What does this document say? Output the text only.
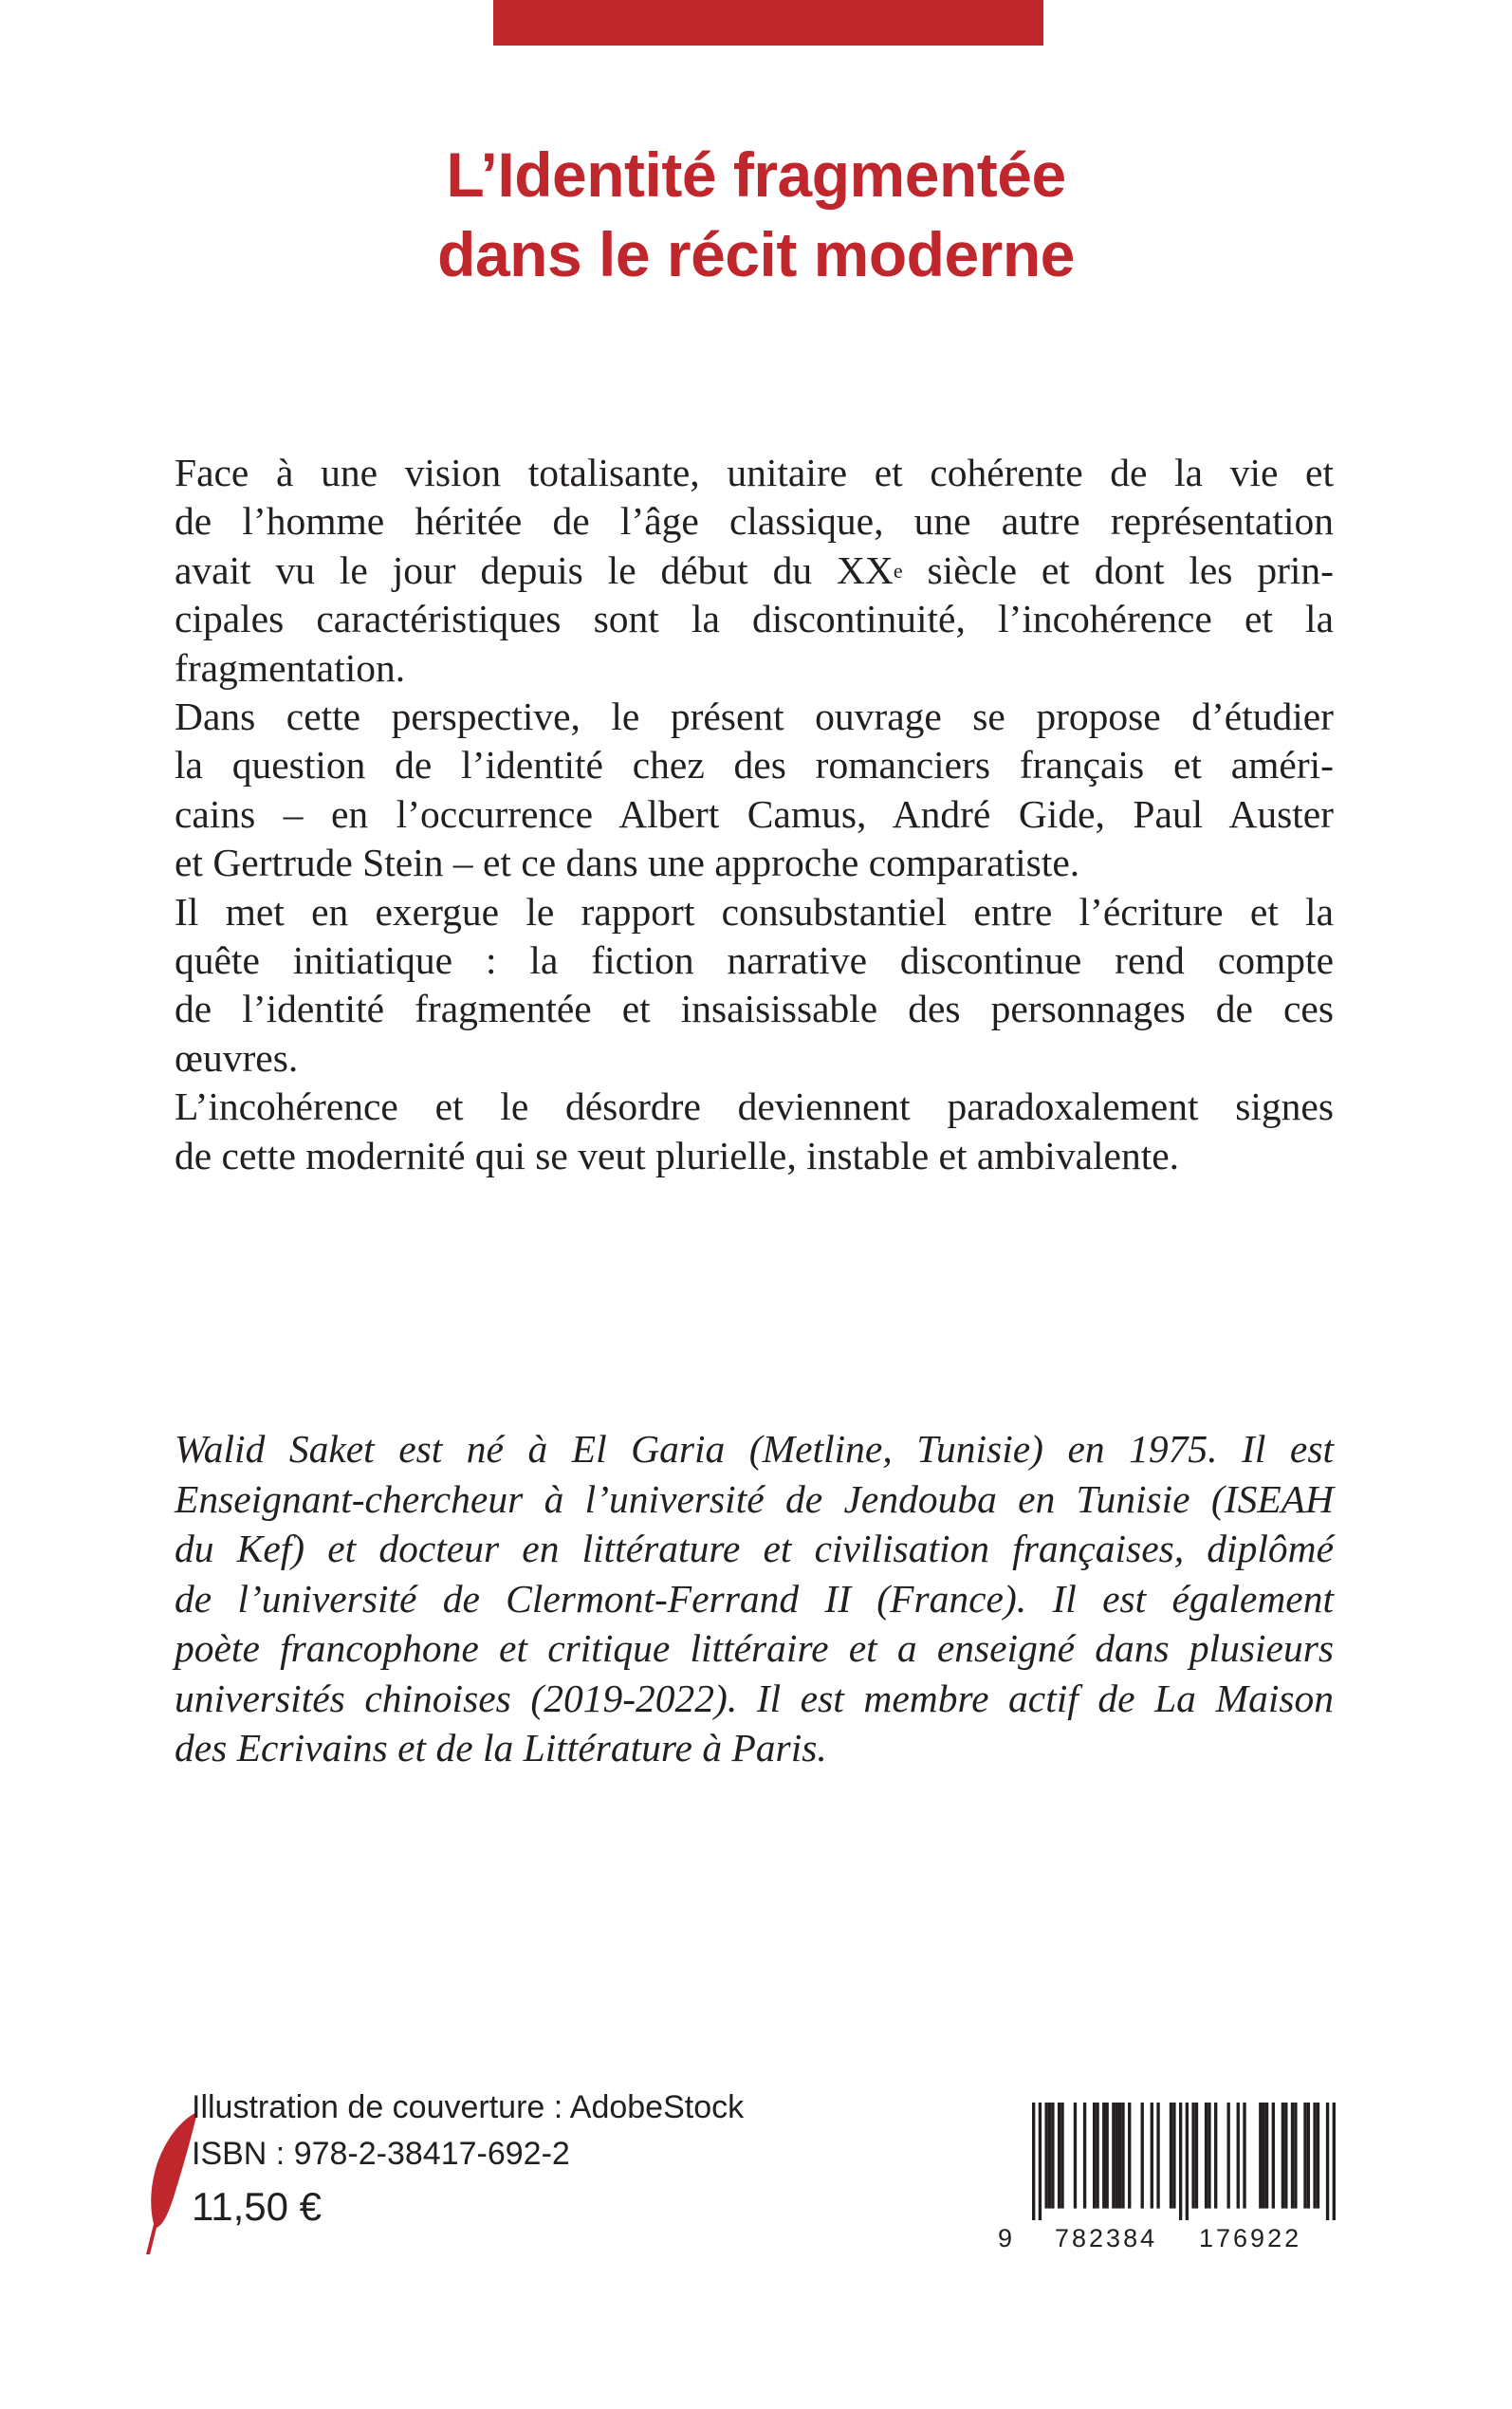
L’Identité fragmentée
dans le récit moderne
Face à une vision totalisante, unitaire et cohérente de la vie et
de l’homme héritée de l’âge classique, une autre représentation
avait vu le jour depuis le début du XXe siècle et dont les prin-
cipales caractéristiques sont la discontinuité, l’incohérence et la
fragmentation.
Dans cette perspective, le présent ouvrage se propose d’étudier
la question de l’identité chez des romanciers français et améri-
cains – en l’occurrence Albert Camus, André Gide, Paul Auster
et Gertrude Stein – et ce dans une approche comparatiste.
Il met en exergue le rapport consubstantiel entre l’écriture et la
quête initiatique : la fiction narrative discontinue rend compte
de l’identité fragmentée et insaisissable des personnages de ces
œuvres.
L’incohérence et le désordre deviennent paradoxalement signes
de cette modernité qui se veut plurielle, instable et ambivalente.
Walid Saket est né à El Garia (Metline, Tunisie) en 1975. Il est
Enseignant-chercheur à l’université de Jendouba en Tunisie (ISEAH
du Kef) et docteur en littérature et civilisation françaises, diplômé
de l’université de Clermont-Ferrand II (France). Il est également
poète francophone et critique littéraire et a enseigné dans plusieurs
universités chinoises (2019-2022). Il est membre actif de La Maison
des Ecrivains et de la Littérature à Paris.
Illustration de couverture : AdobeStock
ISBN : 978-2-38417-692-2
11,50 €
9 782384 176922
